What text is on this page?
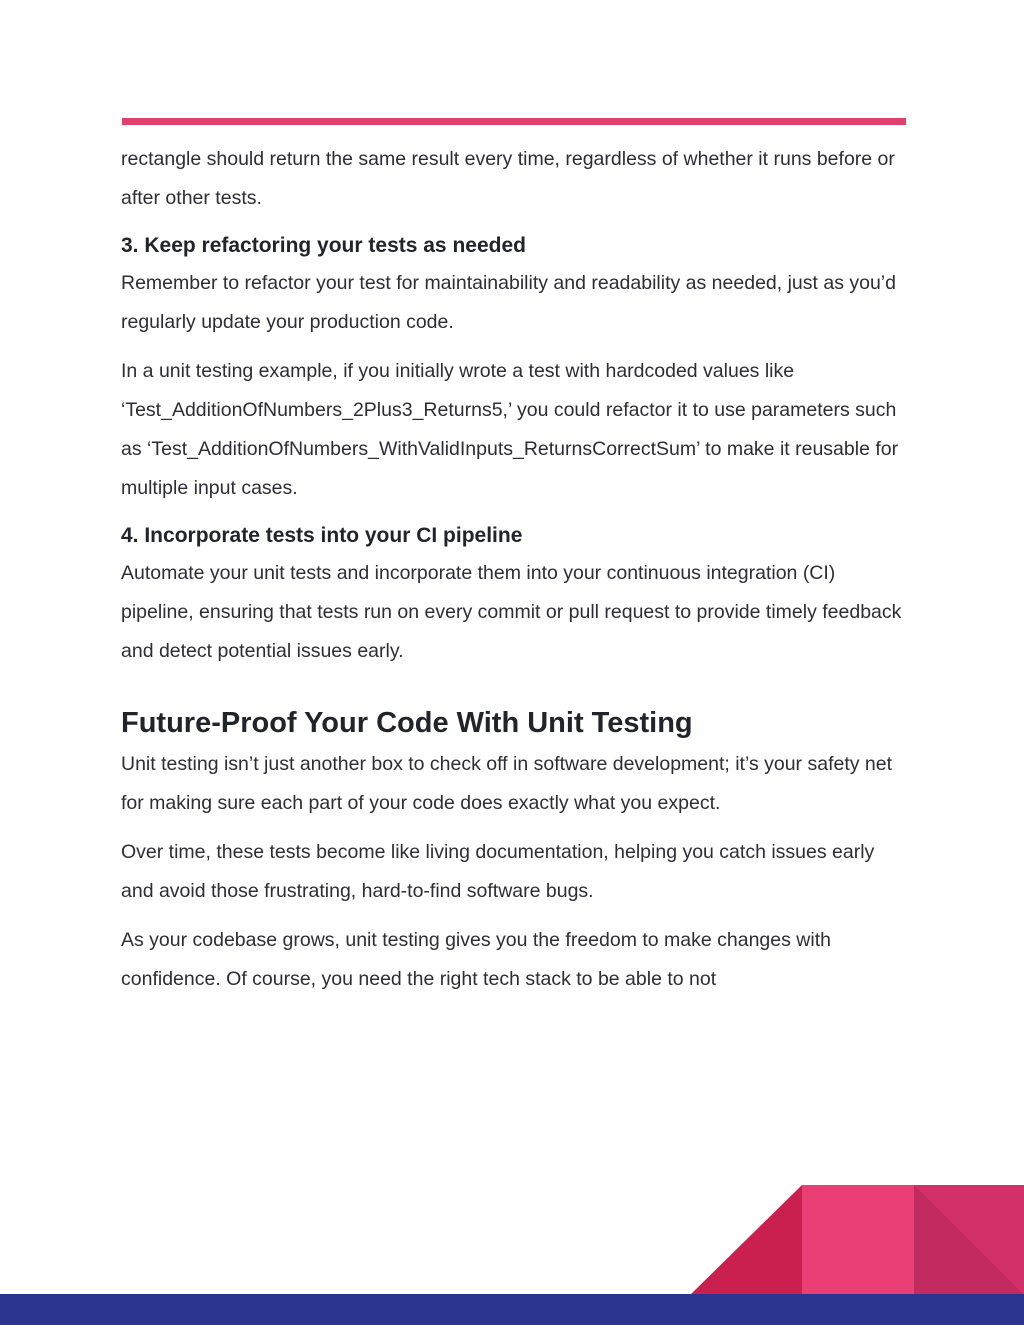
rectangle should return the same result every time, regardless of whether it runs before or after other tests.

3. Keep refactoring your tests as needed

Remember to refactor your test for maintainability and readability as needed, just as you’d regularly update your production code.

In a unit testing example, if you initially wrote a test with hardcoded values like ‘Test_AdditionOfNumbers_2Plus3_Returns5,’ you could refactor it to use parameters such as ‘Test_AdditionOfNumbers_WithValidInputs_ReturnsCorrectSum’ to make it reusable for multiple input cases.

4. Incorporate tests into your CI pipeline

Automate your unit tests and incorporate them into your continuous integration (CI) pipeline, ensuring that tests run on every commit or pull request to provide timely feedback and detect potential issues early.

Future-Proof Your Code With Unit Testing

Unit testing isn’t just another box to check off in software development; it’s your safety net for making sure each part of your code does exactly what you expect.

Over time, these tests become like living documentation, helping you catch issues early and avoid those frustrating, hard-to-find software bugs.

As your codebase grows, unit testing gives you the freedom to make changes with confidence. Of course, you need the right tech stack to be able to not
